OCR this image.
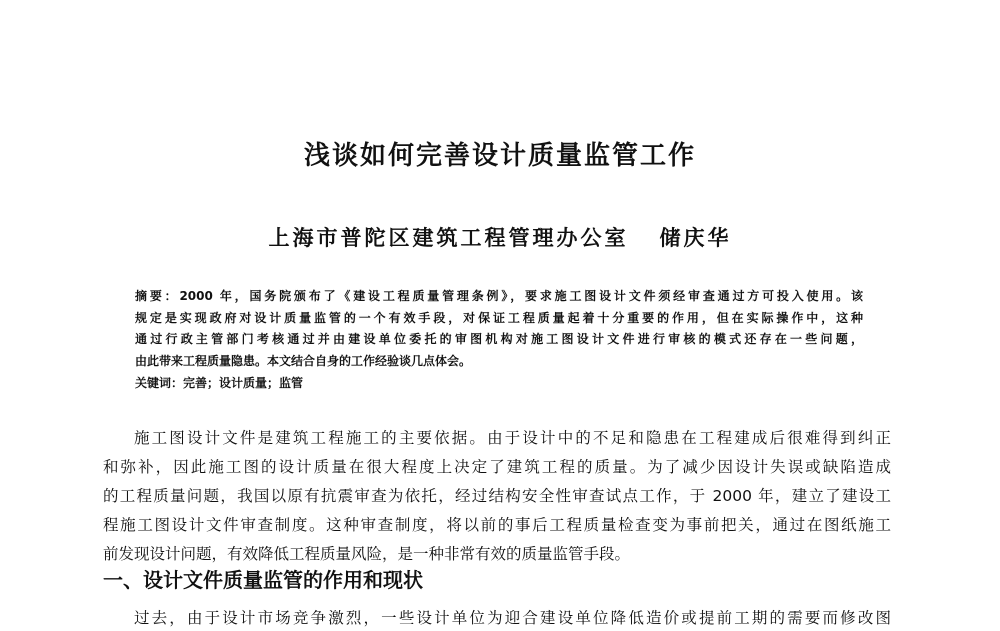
浅谈如何完善设计质量监管工作
上海市普陀区建筑工程管理办公室   储庆华
摘要：2000 年，国务院颁布了《建设工程质量管理条例》，要求施工图设计文件须经审查通过方可投入使用。该
规定是实现政府对设计质量监管的一个有效手段，对保证工程质量起着十分重要的作用，但在实际操作中，这种
通过行政主管部门考核通过并由建设单位委托的审图机构对施工图设计文件进行审核的模式还存在一些问题，
由此带来工程质量隐患。本文结合自身的工作经验谈几点体会。
关键词：完善；设计质量；监管
施工图设计文件是建筑工程施工的主要依据。由于设计中的不足和隐患在工程建成后很难得到纠正
和弥补，因此施工图的设计质量在很大程度上决定了建筑工程的质量。为了减少因设计失误或缺陷造成
的工程质量问题，我国以原有抗震审查为依托，经过结构安全性审查试点工作，于 2000 年，建立了建设工
程施工图设计文件审查制度。这种审查制度，将以前的事后工程质量检查变为事前把关，通过在图纸施工
前发现设计问题，有效降低工程质量风险，是一种非常有效的质量监管手段。
一、设计文件质量监管的作用和现状
过去，由于设计市场竞争激烈，一些设计单位为迎合建设单位降低造价或提前工期的需要而修改图
